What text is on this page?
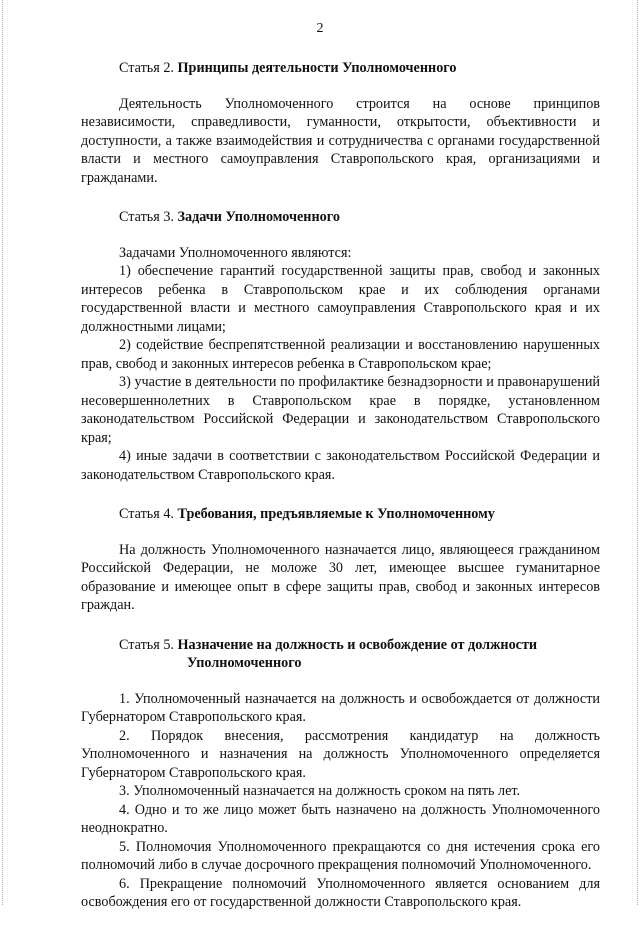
2
Статья 2. Принципы деятельности Уполномоченного

Деятельность Уполномоченного строится на основе принципов независимости, справедливости, гуманности, открытости, объективности и доступности, а также взаимодействия и сотрудничества с органами государственной власти и местного самоуправления Ставропольского края, организациями и гражданами.

Статья 3. Задачи Уполномоченного

Задачами Уполномоченного являются:

1) обеспечение гарантий государственной защиты прав, свобод и законных интересов ребенка в Ставропольском крае и их соблюдения органами государственной власти и местного самоуправления Ставропольского края и их должностными лицами;

2) содействие беспрепятственной реализации и восстановлению нарушенных прав, свобод и законных интересов ребенка в Ставропольском крае;

3) участие в деятельности по профилактике безнадзорности и правонарушений несовершеннолетних в Ставропольском крае в порядке, установленном законодательством Российской Федерации и законодательством Ставропольского края;

4) иные задачи в соответствии с законодательством Российской Федерации и законодательством Ставропольского края.

Статья 4. Требования, предъявляемые к Уполномоченному

На должность Уполномоченного назначается лицо, являющееся гражданином Российской Федерации, не моложе 30 лет, имеющее высшее гуманитарное образование и имеющее опыт в сфере защиты прав, свобод и законных интересов граждан.

Статья 5. Назначение на должность и освобождение от должности
Уполномоченного

1. Уполномоченный назначается на должность и освобождается от должности Губернатором Ставропольского края.

2. Порядок внесения, рассмотрения кандидатур на должность Уполномоченного и назначения на должность Уполномоченного определяется Губернатором Ставропольского края.

3. Уполномоченный назначается на должность сроком на пять лет.

4. Одно и то же лицо может быть назначено на должность Уполномоченного неоднократно.

5. Полномочия Уполномоченного прекращаются со дня истечения срока его полномочий либо в случае досрочного прекращения полномочий Уполномоченного.

6. Прекращение полномочий Уполномоченного является основанием для освобождения его от государственной должности Ставропольского края.
